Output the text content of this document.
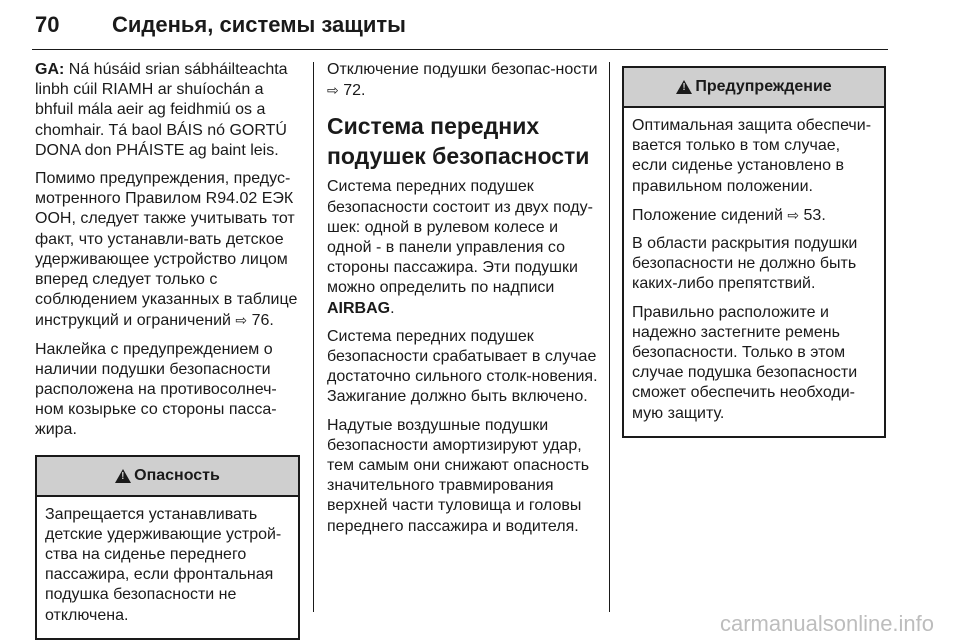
70 Сиденья, системы защиты

GA: Ná húsáid srian sábháilteachta linbh cúil RIAMH ar shuíochán a bhfuil mála aeir ag feidhmiú os a chomhair. Tá baol BÁIS nó GORTÚ DONA don PHÁISTE ag baint leis.

Помимо предупреждения, предус-мотренного Правилом R94.02 ЕЭК ООН, следует также учитывать тот факт, что устанавли-вать детское удерживающее устройство лицом вперед следует только с соблюдением указанных в таблице инструкций и ограничений ⇨ 76.

Наклейка с предупреждением о наличии подушки безопасности расположена на противосолнеч-ном козырьке со стороны пасса-жира.

!
Опасность

Запрещается устанавливать детские удерживающие устрой-ства на сиденье переднего пассажира, если фронтальная подушка безопасности не отключена.

Отключение подушки безопас-ности ⇨ 72.

Система передних подушек безопасности

Система передних подушек безопасности состоит из двух поду-шек: одной в рулевом колесе и одной - в панели управления со стороны пассажира. Эти подушки можно определить по надписи AIRBAG.

Система передних подушек безопасности срабатывает в случае достаточно сильного столк-новения. Зажигание должно быть включено.

Надутые воздушные подушки безопасности амортизируют удар, тем самым они снижают опасность значительного травмирования верхней части туловища и головы переднего пассажира и водителя.

!
Предупреждение

Оптимальная защита обеспечи-вается только в том случае, если сиденье установлено в правильном положении.

Положение сидений ⇨ 53.

В области раскрытия подушки безопасности не должно быть каких-либо препятствий.

Правильно расположите и надежно застегните ремень безопасности. Только в этом случае подушка безопасности сможет обеспечить необходи-мую защиту.

carmanualsonline.info
